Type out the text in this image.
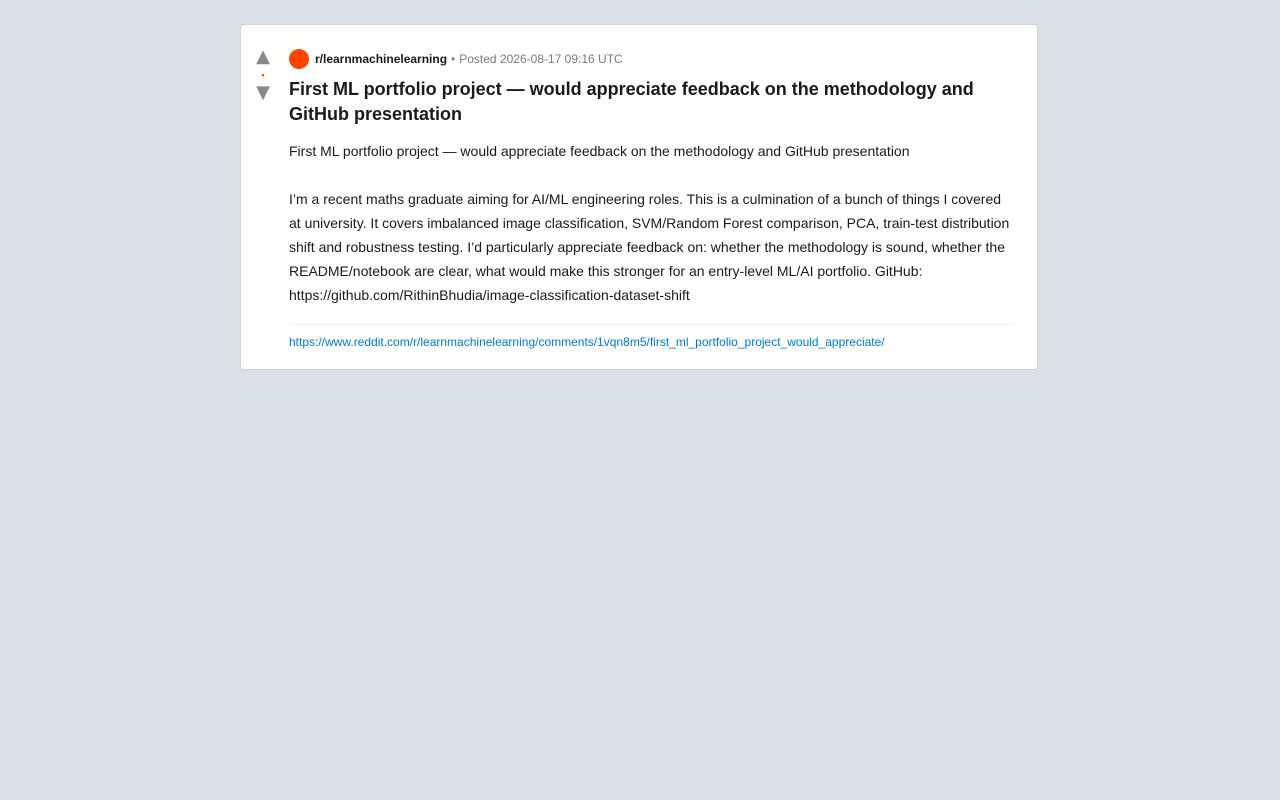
▲
•
▼
r/learnmachinelearning • Posted 2026-08-17 09:16 UTC
First ML portfolio project — would appreciate feedback on the methodology and GitHub presentation

First ML portfolio project — would appreciate feedback on the methodology and GitHub presentation

I’m a recent maths graduate aiming for AI/ML engineering roles. This is a culmination of a bunch of things I covered at university. It covers imbalanced image classification, SVM/Random Forest comparison, PCA, train-test distribution shift and robustness testing. I’d particularly appreciate feedback on: whether the methodology is sound, whether the README/notebook are clear, what would make this stronger for an entry-level ML/AI portfolio. GitHub: https://github.com/RithinBhudia/image-classification-dataset-shift

https://www.reddit.com/r/learnmachinelearning/comments/1vqn8m5/first_ml_portfolio_project_would_appreciate/
